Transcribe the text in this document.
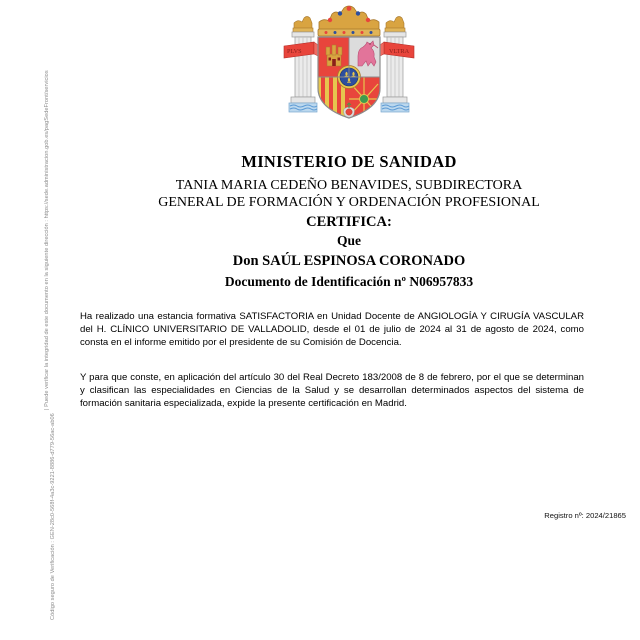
Código seguro de Verificación : GEN-28c0-568f-4a3c-9221-8886-d779-56ac-ab06
| Puede verificar la integridad de este documento en la siguiente dirección : https://sede.administracion.gob.es/pagSedeFront/servicios
PLVS	VLTRA
MINISTERIO DE SANIDAD
TANIA MARIA CEDEÑO BENAVIDES, SUBDIRECTORA
GENERAL DE FORMACIÓN Y ORDENACIÓN PROFESIONAL
CERTIFICA:
Que
Don SAÚL ESPINOSA CORONADO
Documento de Identificación nº N06957833
Ha realizado una estancia formativa SATISFACTORIA en Unidad Docente de ANGIOLOGÍA Y CIRUGÍA VASCULAR del H. CLÍNICO UNIVERSITARIO DE VALLADOLID, desde el 01 de julio de 2024 al 31 de agosto de 2024, como consta en el informe emitido por el presidente de su Comisión de Docencia.
Y para que conste, en aplicación del artículo 30 del Real Decreto 183/2008 de 8 de febrero, por el que se determinan y clasifican las especialidades en Ciencias de la Salud y se desarrollan determinados aspectos del sistema de formación sanitaria especializada, expide la presente certificación en Madrid.
Registro nº: 2024/21865
